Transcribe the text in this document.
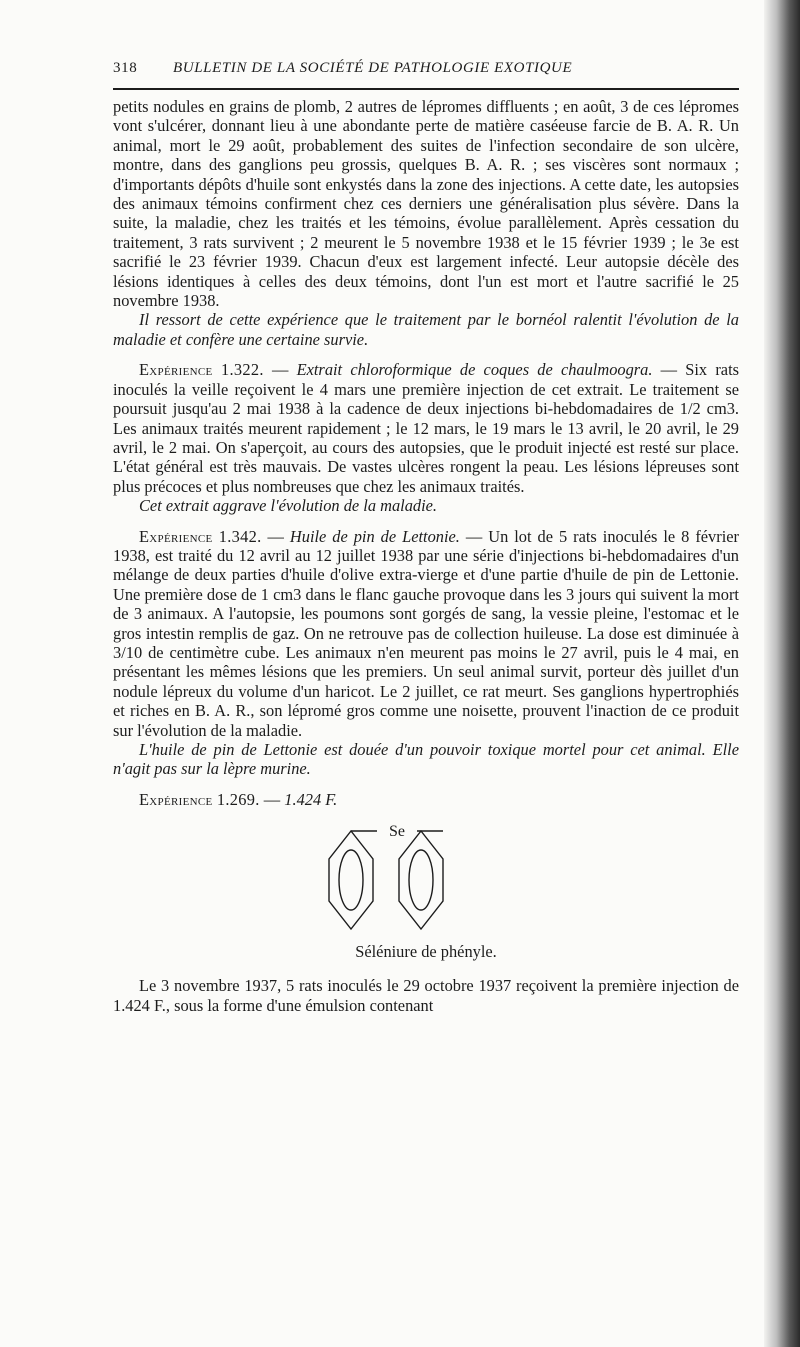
318	BULLETIN DE LA SOCIÉTÉ DE PATHOLOGIE EXOTIQUE

petits nodules en grains de plomb, 2 autres de lépromes diffluents ; en août, 3 de ces lépromes vont s'ulcérer, donnant lieu à une abondante perte de matière caséeuse farcie de B. A. R. Un animal, mort le 29 août, probablement des suites de l'infection secondaire de son ulcère, montre, dans des ganglions peu grossis, quelques B. A. R. ; ses viscères sont normaux ; d'importants dépôts d'huile sont enkystés dans la zone des injections. A cette date, les autopsies des animaux témoins confirment chez ces derniers une généralisation plus sévère. Dans la suite, la maladie, chez les traités et les témoins, évolue parallèlement. Après cessation du traitement, 3 rats survivent ; 2 meurent le 5 novembre 1938 et le 15 février 1939 ; le 3e est sacrifié le 23 février 1939. Chacun d'eux est largement infecté. Leur autopsie décèle des lésions identiques à celles des deux témoins, dont l'un est mort et l'autre sacrifié le 25 novembre 1938.

Il ressort de cette expérience que le traitement par le bornéol ralentit l'évolution de la maladie et confère une certaine survie.

Expérience 1.322. — Extrait chloroformique de coques de chaulmoogra. — Six rats inoculés la veille reçoivent le 4 mars une première injection de cet extrait. Le traitement se poursuit jusqu'au 2 mai 1938 à la cadence de deux injections bi-hebdomadaires de 1/2 cm3. Les animaux traités meurent rapidement ; le 12 mars, le 19 mars le 13 avril, le 20 avril, le 29 avril, le 2 mai. On s'aperçoit, au cours des autopsies, que le produit injecté est resté sur place. L'état général est très mauvais. De vastes ulcères rongent la peau. Les lésions lépreuses sont plus précoces et plus nombreuses que chez les animaux traités.

Cet extrait aggrave l'évolution de la maladie.

Expérience 1.342. — Huile de pin de Lettonie. — Un lot de 5 rats inoculés le 8 février 1938, est traité du 12 avril au 12 juillet 1938 par une série d'injections bi-hebdomadaires d'un mélange de deux parties d'huile d'olive extra-vierge et d'une partie d'huile de pin de Lettonie. Une première dose de 1 cm3 dans le flanc gauche provoque dans les 3 jours qui suivent la mort de 3 animaux. A l'autopsie, les poumons sont gorgés de sang, la vessie pleine, l'estomac et le gros intestin remplis de gaz. On ne retrouve pas de collection huileuse. La dose est diminuée à 3/10 de centimètre cube. Les animaux n'en meurent pas moins le 27 avril, puis le 4 mai, en présentant les mêmes lésions que les premiers. Un seul animal survit, porteur dès juillet d'un nodule lépreux du volume d'un haricot. Le 2 juillet, ce rat meurt. Ses ganglions hypertrophiés et riches en B. A. R., son lépromé gros comme une noisette, prouvent l'inaction de ce produit sur l'évolution de la maladie.

L'huile de pin de Lettonie est douée d'un pouvoir toxique mortel pour cet animal. Elle n'agit pas sur la lèpre murine.

Expérience 1.269. — 1.424 F.

Se
Séléniure de phényle.

Le 3 novembre 1937, 5 rats inoculés le 29 octobre 1937 reçoivent la première injection de 1.424 F., sous la forme d'une émulsion contenant
